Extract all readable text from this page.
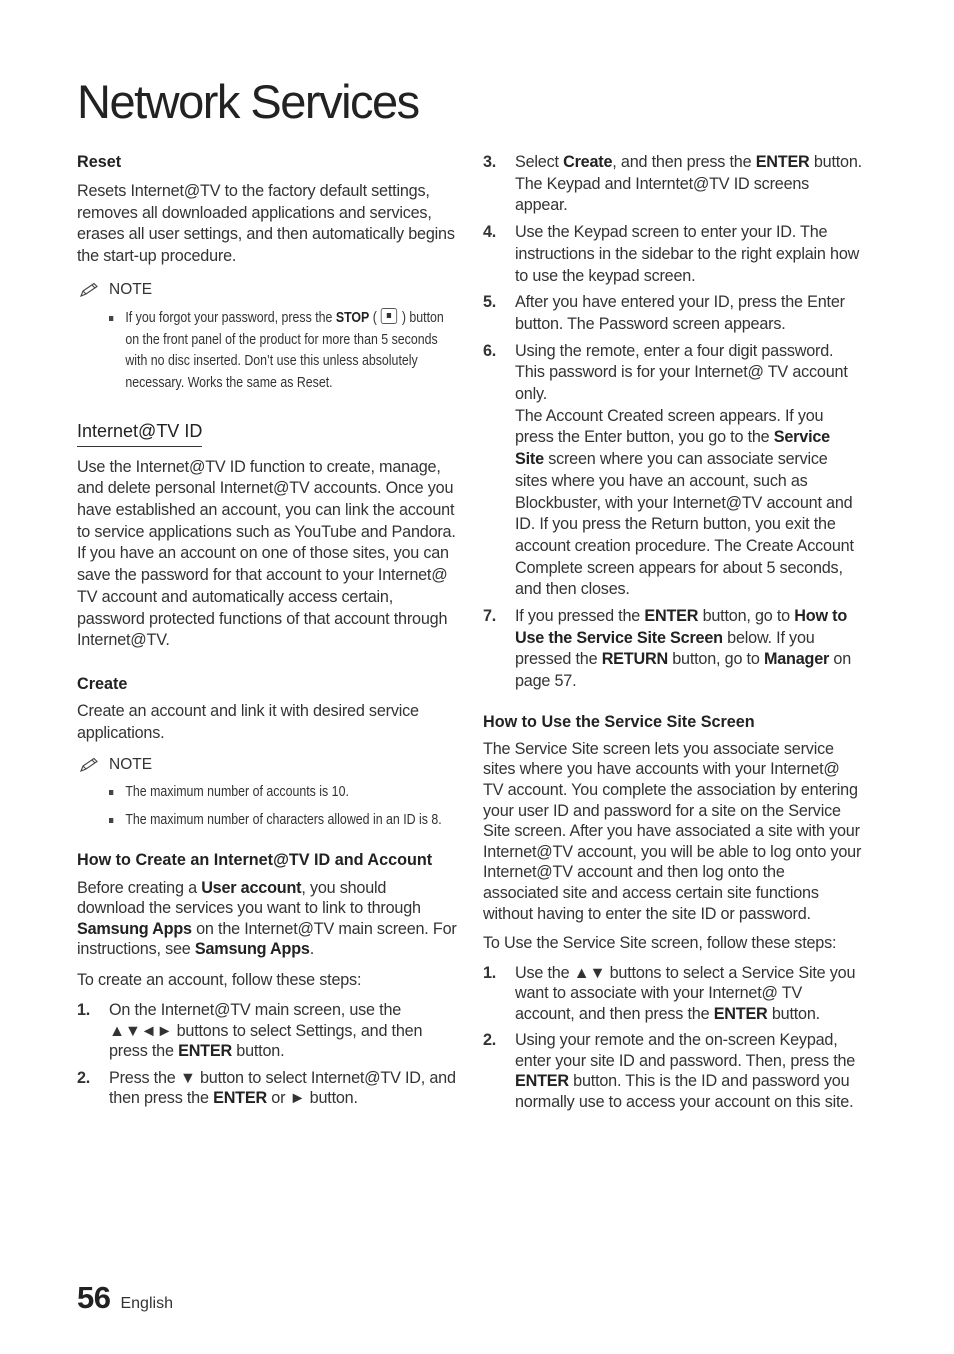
Network Services
Reset

Resets Internet@TV to the factory default settings, removes all downloaded applications and services, erases all user settings, and then automatically begins the start-up procedure.

NOTE
If you forgot your password, press the STOP (  ) button on the front panel of the product for more than 5 seconds with no disc inserted. Don’t use this unless absolutely necessary. Works the same as Reset.
Internet@TV ID

Use the Internet@TV ID function to create, manage, and delete personal Internet@TV accounts. Once you have established an account, you can link the account to service applications such as YouTube and Pandora. If you have an account on one of those sites, you can save the password for that account to your Internet@ TV account and automatically access certain, password protected functions of that account through Internet@TV.

Create

Create an account and link it with desired service applications.

NOTE
The maximum number of accounts is 10.
The maximum number of characters allowed in an ID is 8.
How to Create an Internet@TV ID and Account

Before creating a User account, you should download the services you want to link to through Samsung Apps on the Internet@TV main screen. For instructions, see Samsung Apps.

To create an account, follow these steps:

1. On the Internet@TV main screen, use the ▲▼◄► buttons to select Settings, and then press the ENTER button.
2. Press the ▼ button to select Internet@TV ID, and then press the ENTER or ► button.
3. Select Create, and then press the ENTER button. The Keypad and Interntet@TV ID screens appear.
4. Use the Keypad screen to enter your ID. The instructions in the sidebar to the right explain how to use the keypad screen.
5. After you have entered your ID, press the Enter button. The Password screen appears.
6. Using the remote, enter a four digit password. This password is for your Internet@ TV account only.
The Account Created screen appears. If you press the Enter button, you go to the Service Site screen where you can associate service sites where you have an account, such as Blockbuster, with your Internet@TV account and ID. If you press the Return button, you exit the account creation procedure. The Create Account Complete screen appears for about 5 seconds, and then closes.
7. If you pressed the ENTER button, go to How to Use the Service Site Screen below. If you pressed the RETURN button, go to Manager on page 57.
How to Use the Service Site Screen

The Service Site screen lets you associate service sites where you have accounts with your Internet@ TV account. You complete the association by entering your user ID and password for a site on the Service Site screen. After you have associated a site with your Internet@TV account, you will be able to log onto your Internet@TV account and then log onto the associated site and access certain site functions without having to enter the site ID or password.

To Use the Service Site screen, follow these steps:

1. Use the ▲▼ buttons to select a Service Site you want to associate with your Internet@ TV account, and then press the ENTER button.
2. Using your remote and the on-screen Keypad, enter your site ID and password. Then, press the ENTER button. This is the ID and password you normally use to access your account on this site.
56 English
